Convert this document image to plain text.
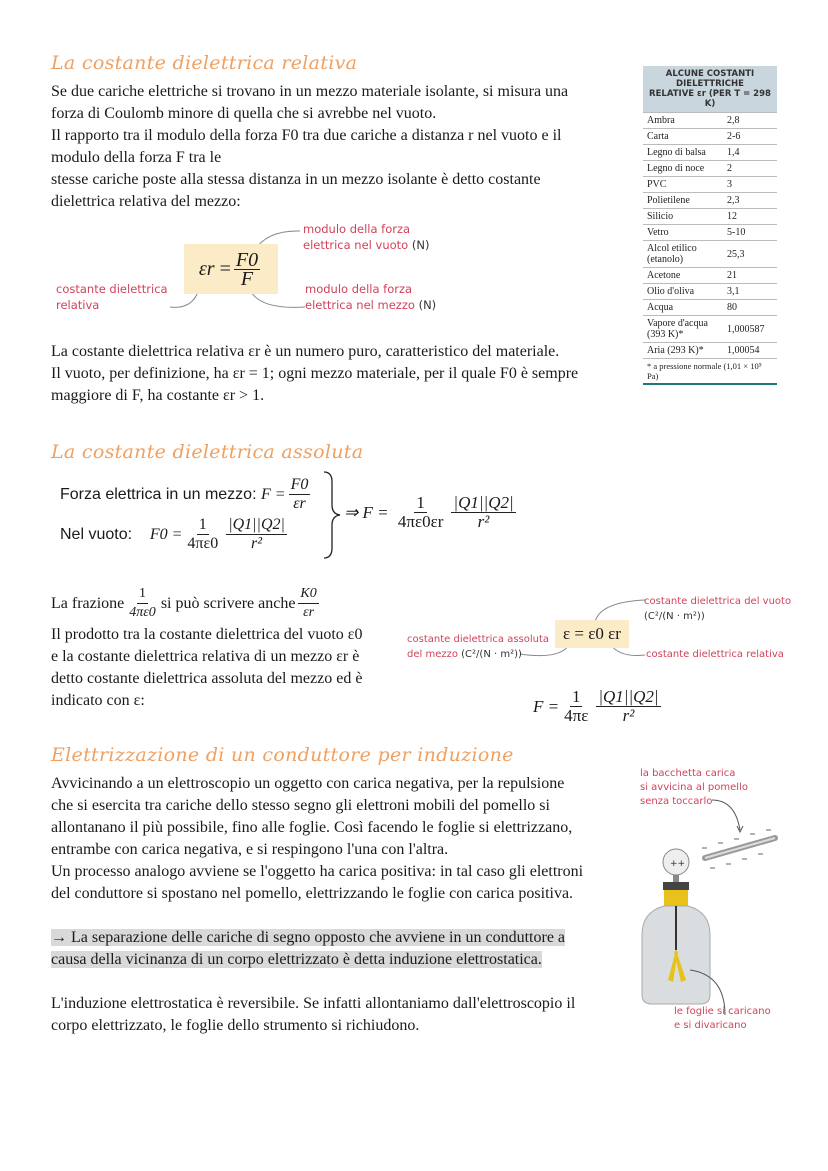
La costante dielettrica relativa
Se due cariche elettriche si trovano in un mezzo materiale isolante, si misura una
forza di Coulomb minore di quella che si avrebbe nel vuoto.
Il rapporto tra il modulo della forza F0 tra due cariche a distanza r nel vuoto e il
modulo della forza F tra le
stesse cariche poste alla stessa distanza in un mezzo isolante è detto costante
dielettrica relativa del mezzo:
εr
= $\frac{F0}{F}$
costante dielettrica
relativa
modulo della forza
elettrica nel vuoto (N)
modulo della forza
elettrica nel mezzo (N)
La costante dielettrica relativa εr è un numero puro, caratteristico del materiale.
Il vuoto, per definizione, ha εr = 1; ogni mezzo materiale, per il quale F0 è sempre
maggiore di F, ha costante εr > 1.
ALCUNE COSTANTI
DIELETTRICHE
RELATIVE εr (PER T = 298 K)	

Ambra	2,8
Carta	2-6
Legno di balsa	1,4
Legno di noce	2
PVC	3
Polietilene	2,3
Silicio	12
Vetro	5-10
Alcol etilico (etanolo)	25,3
Acetone	21
Olio d'oliva	3,1
Acqua	80
Vapore d'acqua (393 K)*	1,000587
Aria (293 K)*	1,00054
* a pressione normale (1,01 × 10⁵ Pa)	
La costante dielettrica assoluta
Forza elettrica in un mezzo:
$F = \frac{F0}{\varepsilon r}$
Nel vuoto:
$F0 = \frac{1}{4\pi\varepsilon 0} \frac{|Q1||Q2|}{\text{r²}}$
⇒ F =
$\frac{1}{4\pi\varepsilon 0\varepsilon r} \frac{|Q1||Q2|}{\text{r²}}$
La frazione $\frac{1}{4\pi\varepsilon 0}$ si può scrivere anche $\frac{K0}{\varepsilon r}$
Il prodotto tra la costante dielettrica del vuoto ε0
e la costante dielettrica relativa di un mezzo εr è
detto costante dielettrica assoluta del mezzo ed è
indicato con ε:
ε = ε0 εr
costante dielettrica assoluta
del mezzo (C²/(N · m²))
costante dielettrica del vuoto
(C²/(N · m²))
costante dielettrica relativa
$F = \frac{1}{4\pi\varepsilon} \frac{|Q1||Q2|}{\text{r²}}$
Elettrizzazione di un conduttore per induzione
Avvicinando a un elettroscopio un oggetto con carica negativa, per la repulsione
che si esercita tra cariche dello stesso segno gli elettroni mobili del pomello si
allontanano il più possibile, fino alle foglie. Così facendo le foglie si elettrizzano,
entrambe con carica negativa, e si respingono l'una con l'altra.
Un processo analogo avviene se l'oggetto ha carica positiva: in tal caso gli elettroni
del conduttore si spostano nel pomello, elettrizzando le foglie con carica positiva.
→ La separazione delle cariche di segno opposto che avviene in un conduttore a
causa della vicinanza di un corpo elettrizzato è detta induzione elettrostatica.
L'induzione elettrostatica è reversibile. Se infatti allontaniamo dall'elettroscopio il
corpo elettrizzato, le foglie dello strumento si richiudono.
la bacchetta carica
si avvicina al pomello
senza toccarlo
++
le foglie si caricano
e si divaricano
